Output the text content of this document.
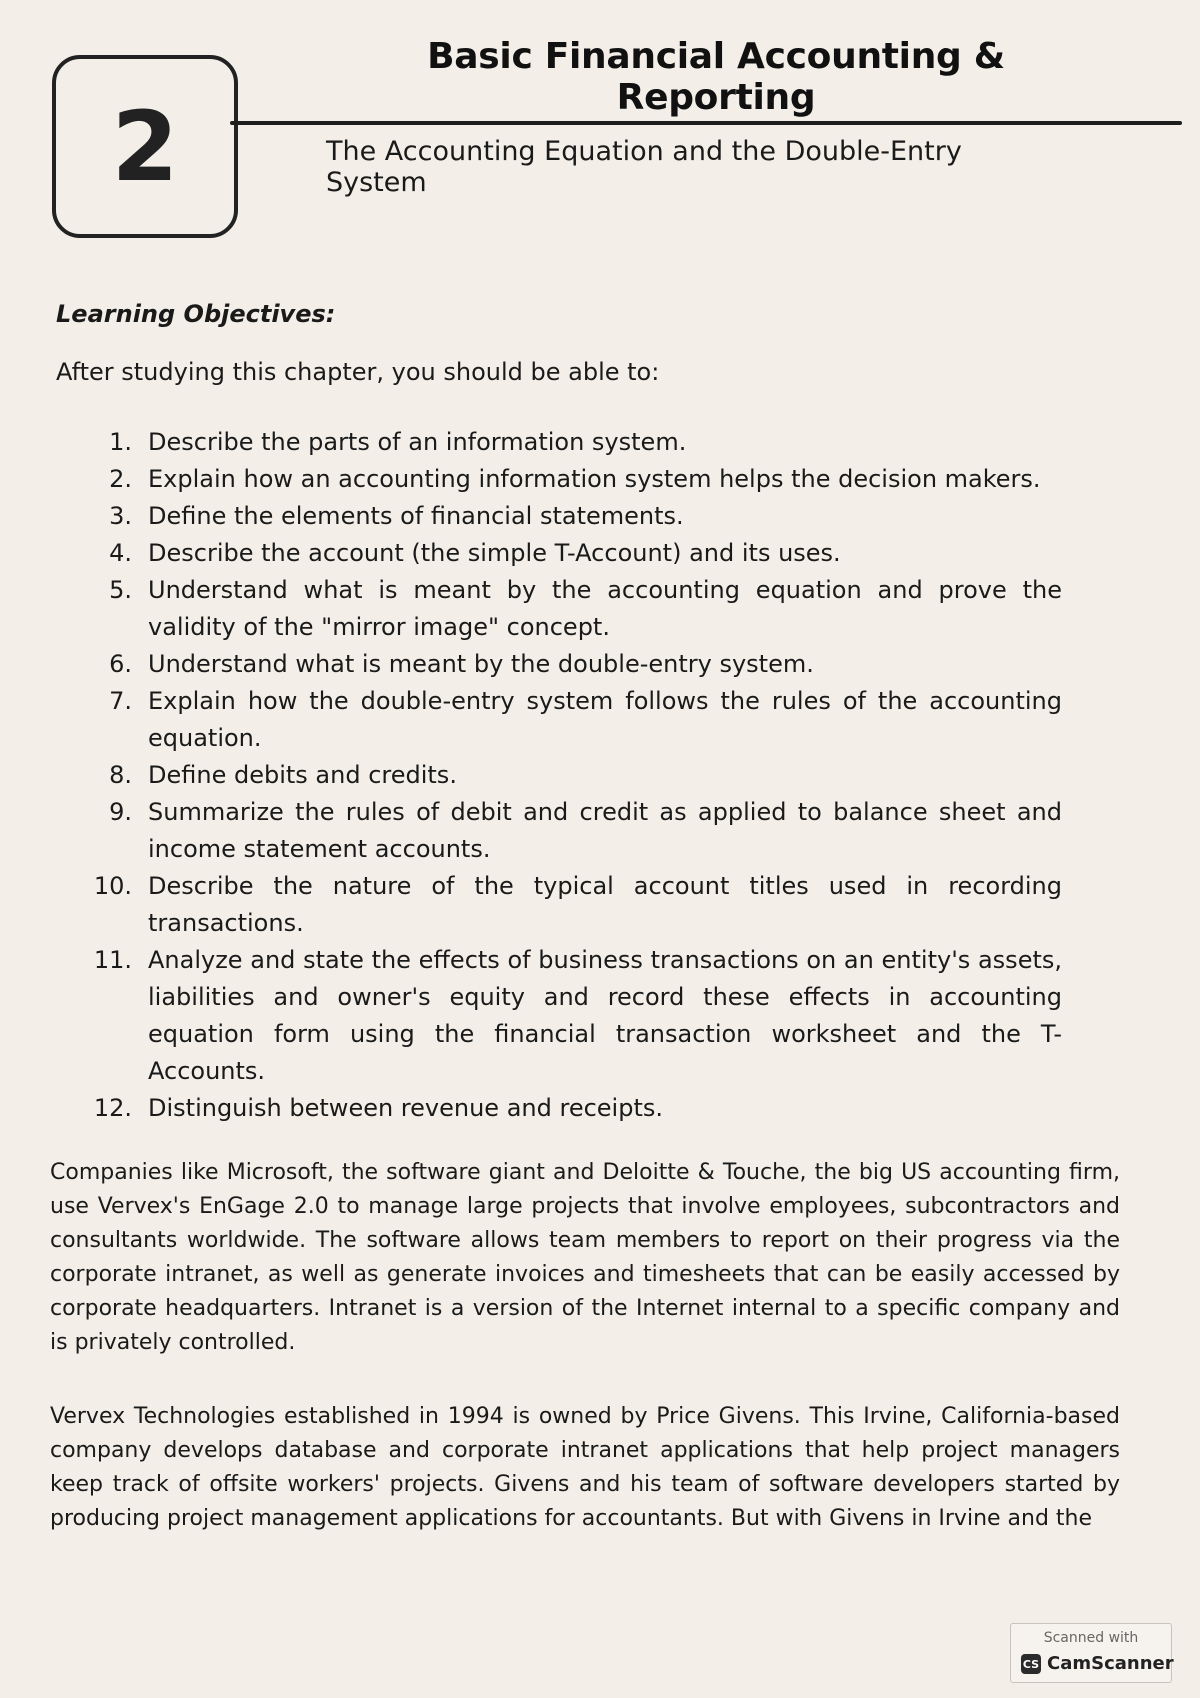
2
Basic Financial Accounting & Reporting
The Accounting Equation and the Double-Entry System
Learning Objectives:
After studying this chapter, you should be able to:
1. Describe the parts of an information system.
2. Explain how an accounting information system helps the decision makers.
3. Define the elements of financial statements.
4. Describe the account (the simple T-Account) and its uses.
5. Understand what is meant by the accounting equation and prove the validity of the "mirror image" concept.
6. Understand what is meant by the double-entry system.
7. Explain how the double-entry system follows the rules of the accounting equation.
8. Define debits and credits.
9. Summarize the rules of debit and credit as applied to balance sheet and income statement accounts.
10. Describe the nature of the typical account titles used in recording transactions.
11. Analyze and state the effects of business transactions on an entity's assets, liabilities and owner's equity and record these effects in accounting equation form using the financial transaction worksheet and the T-Accounts.
12. Distinguish between revenue and receipts.

Companies like Microsoft, the software giant and Deloitte & Touche, the big US accounting firm, use Vervex's EnGage 2.0 to manage large projects that involve employees, subcontractors and consultants worldwide. The software allows team members to report on their progress via the corporate intranet, as well as generate invoices and timesheets that can be easily accessed by corporate headquarters. Intranet is a version of the Internet internal to a specific company and is privately controlled.

Vervex Technologies established in 1994 is owned by Price Givens. This Irvine, California-based company develops database and corporate intranet applications that help project managers keep track of offsite workers' projects. Givens and his team of software developers started by producing project management applications for accountants. But with Givens in Irvine and the

Scanned with
CS CamScanner
